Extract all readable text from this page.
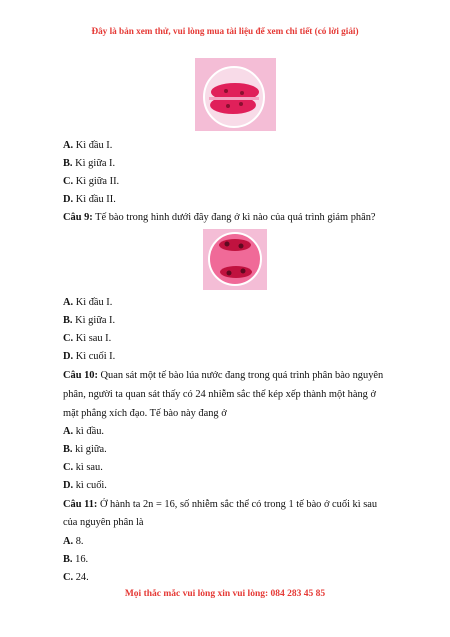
Đây là bản xem thử, vui lòng mua tài liệu để xem chi tiết (có lời giải)
A. Kì đầu I.
B. Kì giữa I.
C. Kì giữa II.
D. Kì đầu II.
Câu 9: Tế bào trong hình dưới đây đang ở kì nào của quá trình giảm phân?
A. Kì đầu I.
B. Kì giữa I.
C. Kì sau I.
D. Kì cuối I.
Câu 10: Quan sát một tế bào lúa nước đang trong quá trình phân bào nguyên
phân, người ta quan sát thấy có 24 nhiễm sắc thể kép xếp thành một hàng ở
mặt phẳng xích đạo. Tế bào này đang ở
A. kì đầu.
B. kì giữa.
C. kì sau.
D. kì cuối.
Câu 11: Ở hành ta 2n = 16, số nhiễm sắc thể có trong 1 tế bào ở cuối kì sau
của nguyên phân là
A. 8.
B. 16.
C. 24.
Mọi thắc mắc vui lòng xin vui lòng: 084 283 45 85
